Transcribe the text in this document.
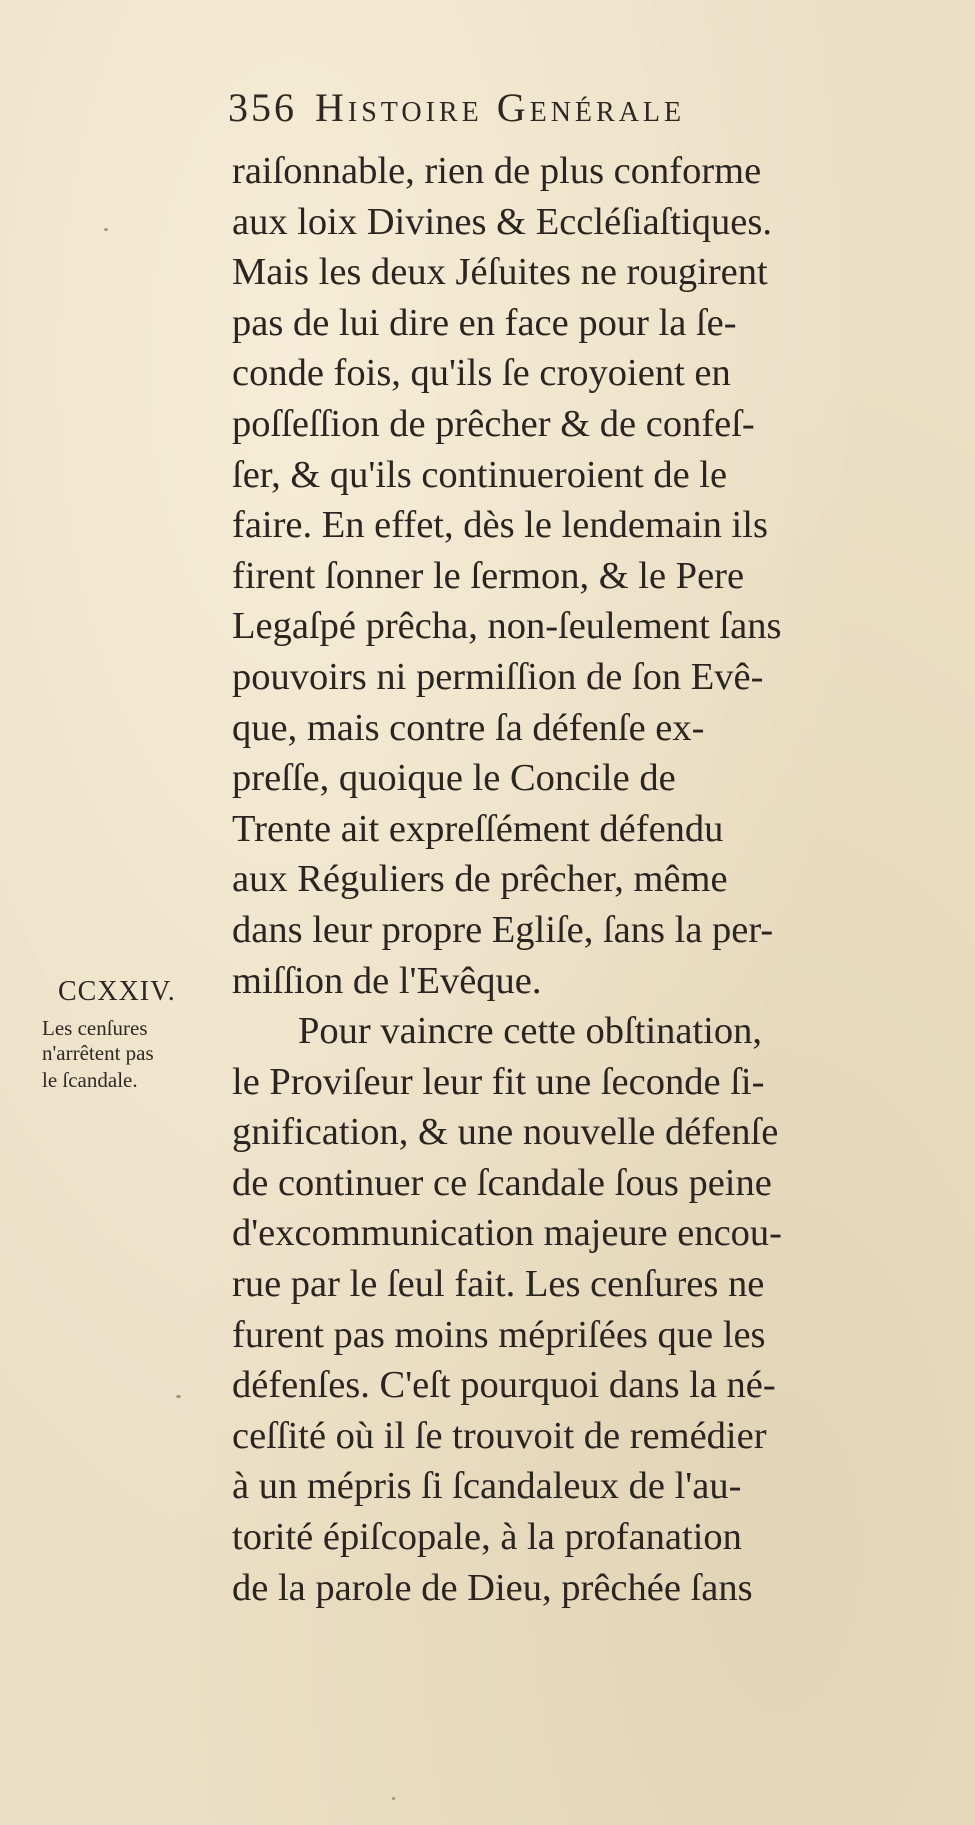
356 Histoire Genérale
raiſonnable, rien de plus conforme
aux loix Divines & Eccléſiaſtiques.
Mais les deux Jéſuites ne rougirent
pas de lui dire en face pour la ſe-
conde fois, qu'ils ſe croyoient en
poſſeſſion de prêcher & de confeſ-
ſer, & qu'ils continueroient de le
faire. En effet, dès le lendemain ils
firent ſonner le ſermon, & le Pere
Legaſpé prêcha, non-ſeulement ſans
pouvoirs ni permiſſion de ſon Evê-
que, mais contre ſa défenſe ex-
preſſe, quoique le Concile de
Trente ait expreſſément défendu
aux Réguliers de prêcher, même
dans leur propre Egliſe, ſans la per-
miſſion de l'Evêque.
Pour vaincre cette obſtination,
le Proviſeur leur fit une ſeconde ſi-
gnification, & une nouvelle défenſe
de continuer ce ſcandale ſous peine
d'excommunication majeure encou-
rue par le ſeul fait. Les cenſures ne
furent pas moins mépriſées que les
défenſes. C'eſt pourquoi dans la né-
ceſſité où il ſe trouvoit de remédier
à un mépris ſi ſcandaleux de l'au-
torité épiſcopale, à la profanation
de la parole de Dieu, prêchée ſans
CCXXIV.
Les cenſures
n'arrêtent pas
le ſcandale.
